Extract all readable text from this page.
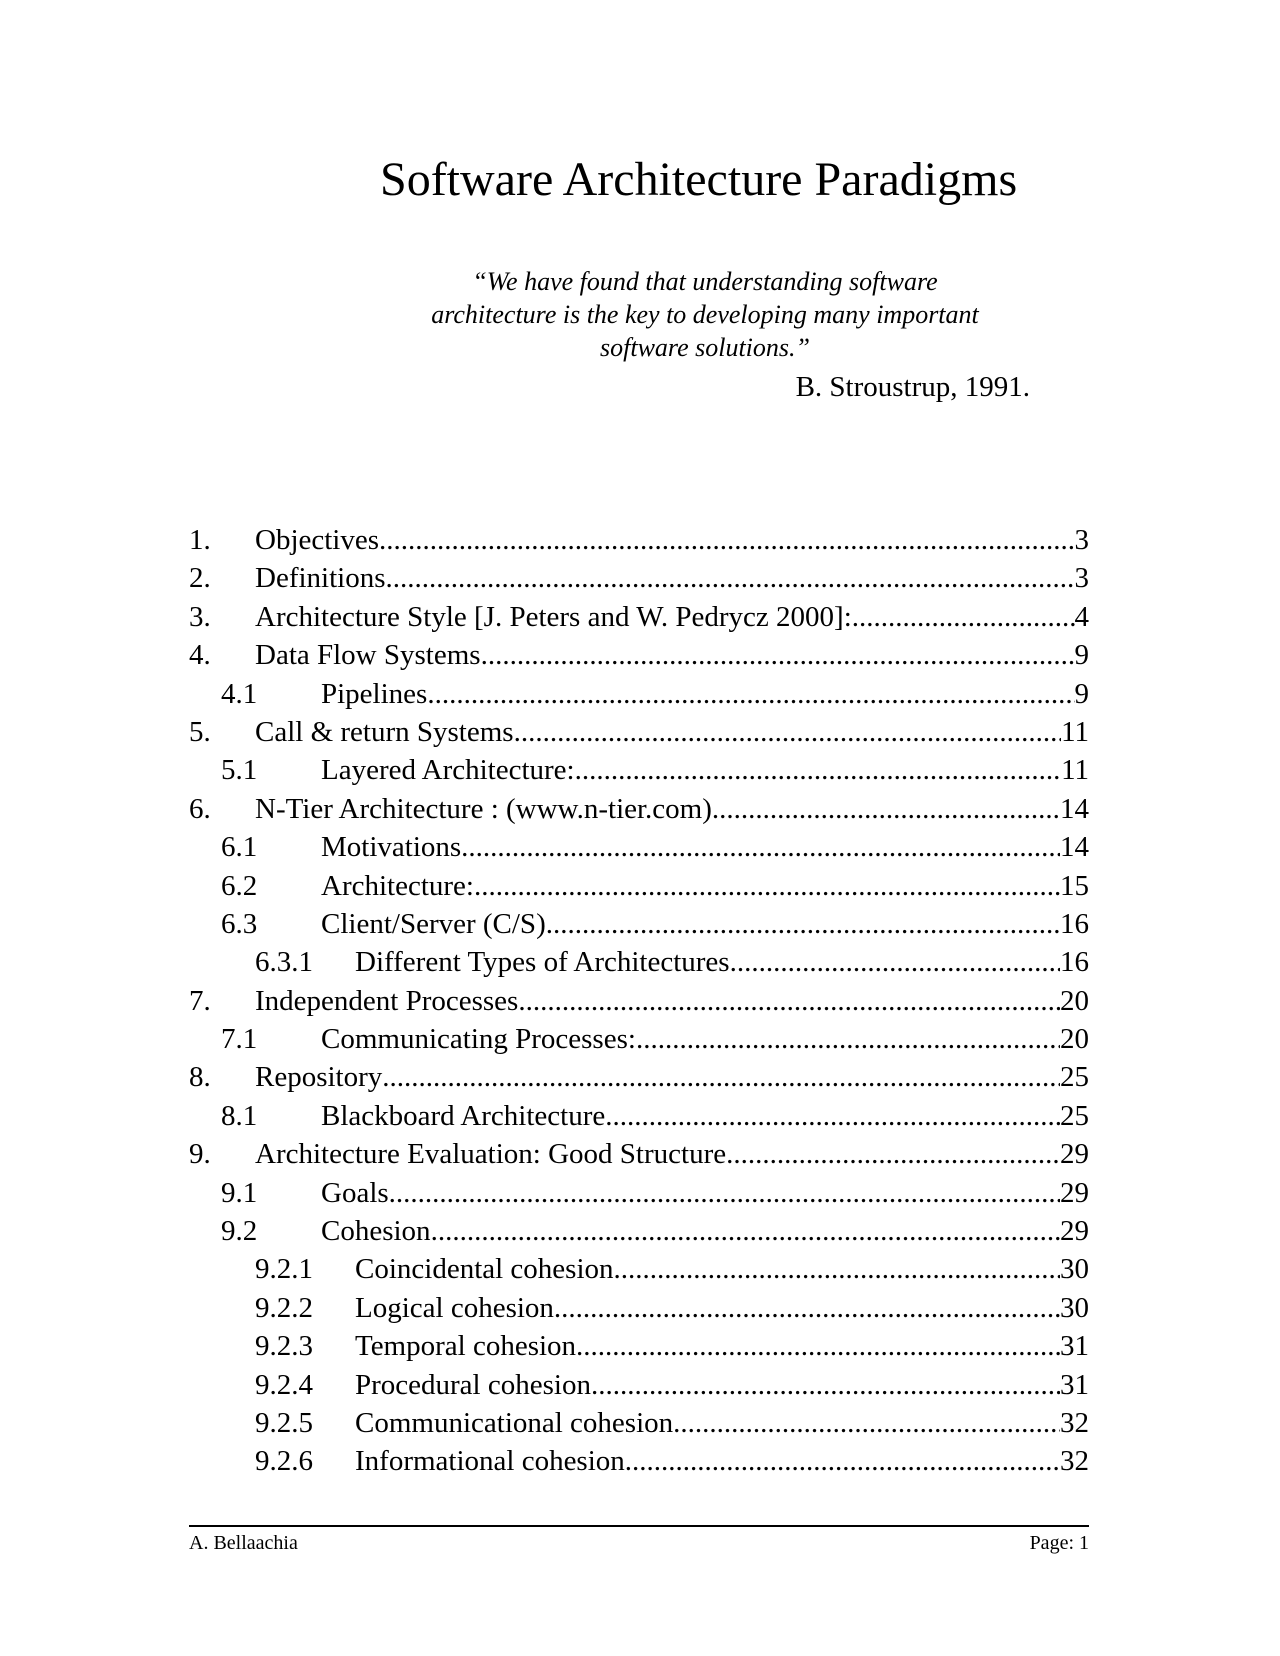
Software Architecture Paradigms
“We have found that understanding software
architecture is the key to developing many important
software solutions.”
B. Stroustrup, 1991.
1.	Objectives .....	3
2.	Definitions .....	3
3.	Architecture Style [J. Peters and W. Pedrycz 2000]: .....	4
4.	Data Flow Systems .....	9
4.1	Pipelines .....	9
5.	Call & return Systems .....	11
5.1	Layered Architecture: .....	11
6.	N-Tier Architecture : (www.n-tier.com) .....	14
6.1	Motivations .....	14
6.2	Architecture: .....	15
6.3	Client/Server (C/S) .....	16
6.3.1	Different Types of Architectures .....	16
7.	Independent Processes .....	20
7.1	Communicating Processes: .....	20
8.	Repository .....	25
8.1	Blackboard Architecture .....	25
9.	Architecture Evaluation: Good Structure .....	29
9.1	Goals .....	29
9.2	Cohesion .....	29
9.2.1	Coincidental cohesion .....	30
9.2.2	Logical cohesion .....	30
9.2.3	Temporal cohesion .....	31
9.2.4	Procedural cohesion .....	31
9.2.5	Communicational cohesion .....	32
9.2.6	Informational cohesion .....	32
A. Bellaachia	Page: 1
